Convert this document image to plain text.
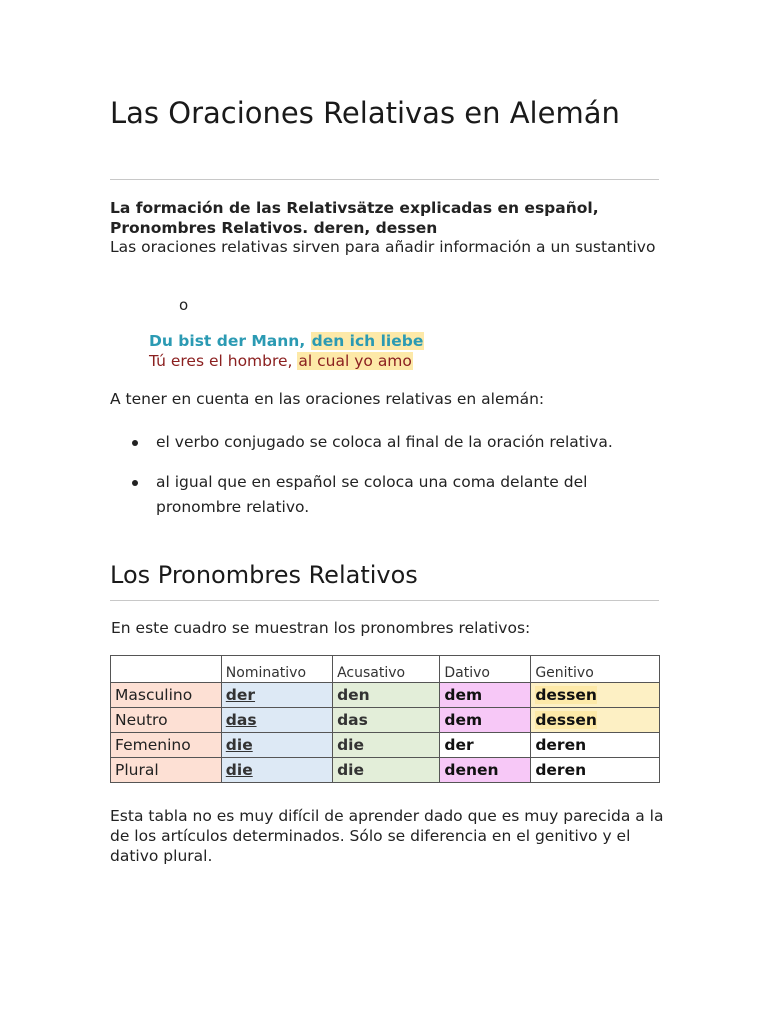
Las Oraciones Relativas en Alemán
La formación de las Relativsätze explicadas en español, Pronombres Relativos. deren, dessen
Las oraciones relativas sirven para añadir información a un sustantivo
o
Du bist der Mann, den ich liebe
Tú eres el hombre, al cual yo amo
A tener en cuenta en las oraciones relativas en alemán:
el verbo conjugado se coloca al final de la oración relativa.
al igual que en español se coloca una coma delante del pronombre relativo.
Los Pronombres Relativos
En este cuadro se muestran los pronombres relativos:
	Nominativo	Acusativo	Dativo	Genitivo
Masculino	der	den	dem	dessen
Neutro	das	das	dem	dessen
Femenino	die	die	der	deren
Plural	die	die	denen	deren
Esta tabla no es muy difícil de aprender dado que es muy parecida a la de los artículos determinados. Sólo se diferencia en el genitivo y el dativo plural.
